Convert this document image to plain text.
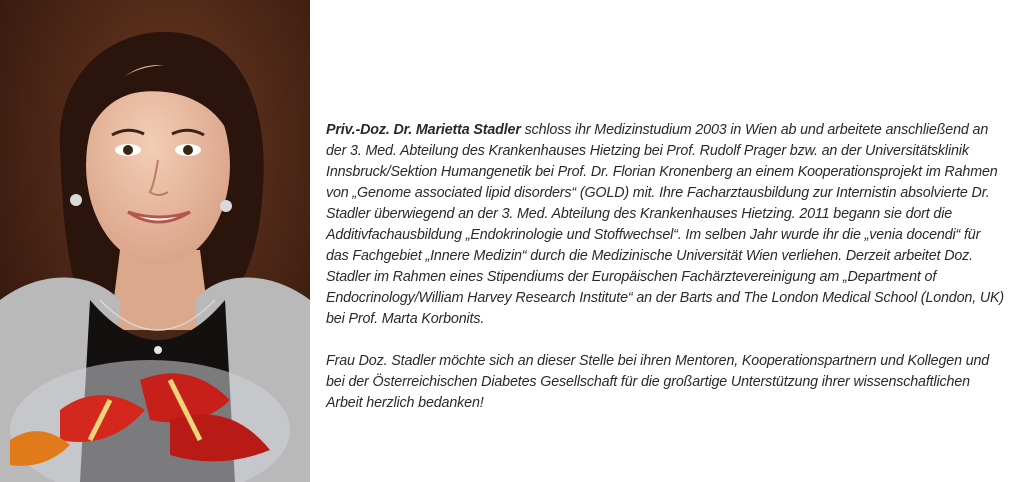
Priv.-Doz. Dr. Marietta Stadler schloss ihr Medizinstudium 2003 in Wien ab und arbeitete anschließend an der 3. Med. Abteilung des Krankenhauses Hietzing bei Prof. Rudolf Prager bzw. an der Universitätsklinik Innsbruck/Sektion Humangenetik bei Prof. Dr. Florian Kronenberg an einem Kooperationsprojekt im Rahmen von „Genome associated lipid disorders“ (GOLD) mit. Ihre Facharztausbildung zur Internistin absolvierte Dr. Stadler überwiegend an der 3. Med. Abteilung des Krankenhauses Hietzing. 2011 begann sie dort die Additivfachausbildung „Endokrinologie und Stoffwechsel“. Im selben Jahr wurde ihr die „venia docendi“ für das Fachgebiet „Innere Medizin“ durch die Medizinische Universität Wien verliehen. Derzeit arbeitet Doz. Stadler im Rahmen eines Stipendiums der Europäischen Fachärztevereinigung am „Department of Endocrinology/William Harvey Research Institute“ an der Barts and The London Medical School (London, UK) bei Prof. Marta Korbonits.

Frau Doz. Stadler möchte sich an dieser Stelle bei ihren Mentoren, Kooperationspartnern und Kollegen und bei der Österreichischen Diabetes Gesellschaft für die großartige Unterstützung ihrer wissenschaftlichen Arbeit herzlich bedanken!
